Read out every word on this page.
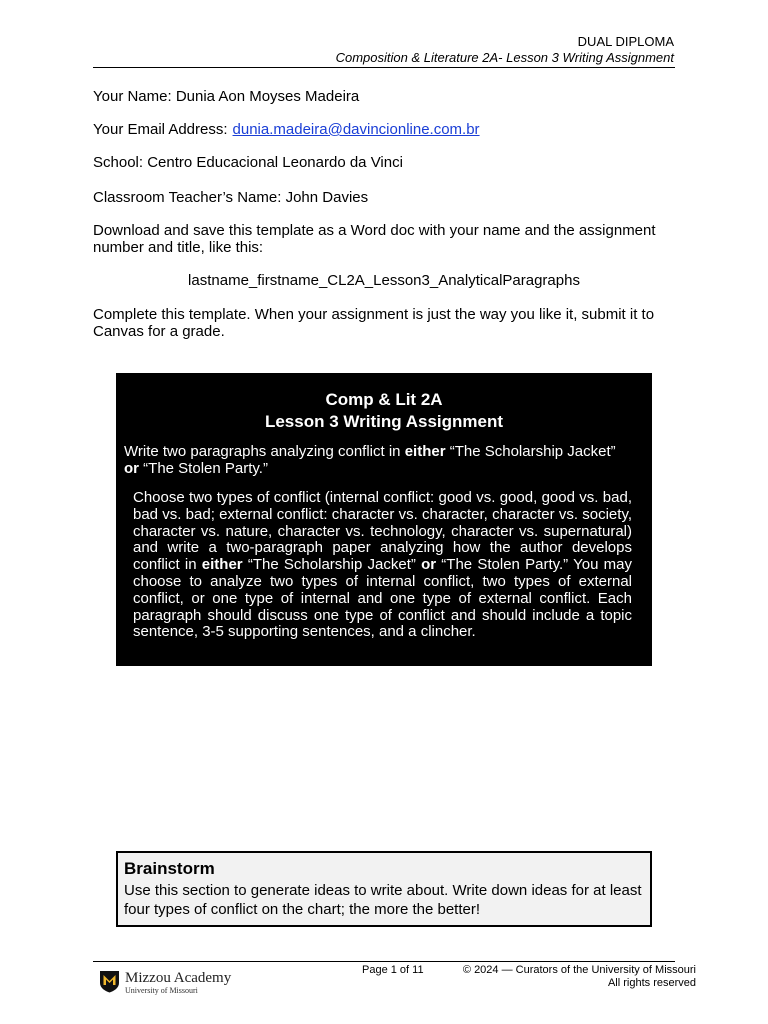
DUAL DIPLOMA
Composition & Literature 2A- Lesson 3 Writing Assignment
Your Name: Dunia Aon Moyses Madeira
Your Email Address: dunia.madeira@davincionline.com.br
School: Centro Educacional Leonardo da Vinci
Classroom Teacher’s Name: John Davies
Download and save this template as a Word doc with your name and the assignment number and title, like this:
lastname_firstname_CL2A_Lesson3_AnalyticalParagraphs
Complete this template. When your assignment is just the way you like it, submit it to Canvas for a grade.
Comp & Lit 2A
Lesson 3 Writing Assignment
Write two paragraphs analyzing conflict in either “The Scholarship Jacket” or “The Stolen Party.”
Choose two types of conflict (internal conflict: good vs. good, good vs. bad, bad vs. bad; external conflict: character vs. character, character vs. society, character vs. nature, character vs. technology, character vs. supernatural) and write a two-paragraph paper analyzing how the author develops conflict in either “The Scholarship Jacket” or “The Stolen Party.” You may choose to analyze two types of internal conflict, two types of external conflict, or one type of internal and one type of external conflict. Each paragraph should discuss one type of conflict and should include a topic sentence, 3-5 supporting sentences, and a clincher.
Brainstorm
Use this section to generate ideas to write about. Write down ideas for at least four types of conflict on the chart; the more the better!
Mizzou Academy
University of Missouri
Page 1 of 11	© 2024 — Curators of the University of Missouri
All rights reserved
